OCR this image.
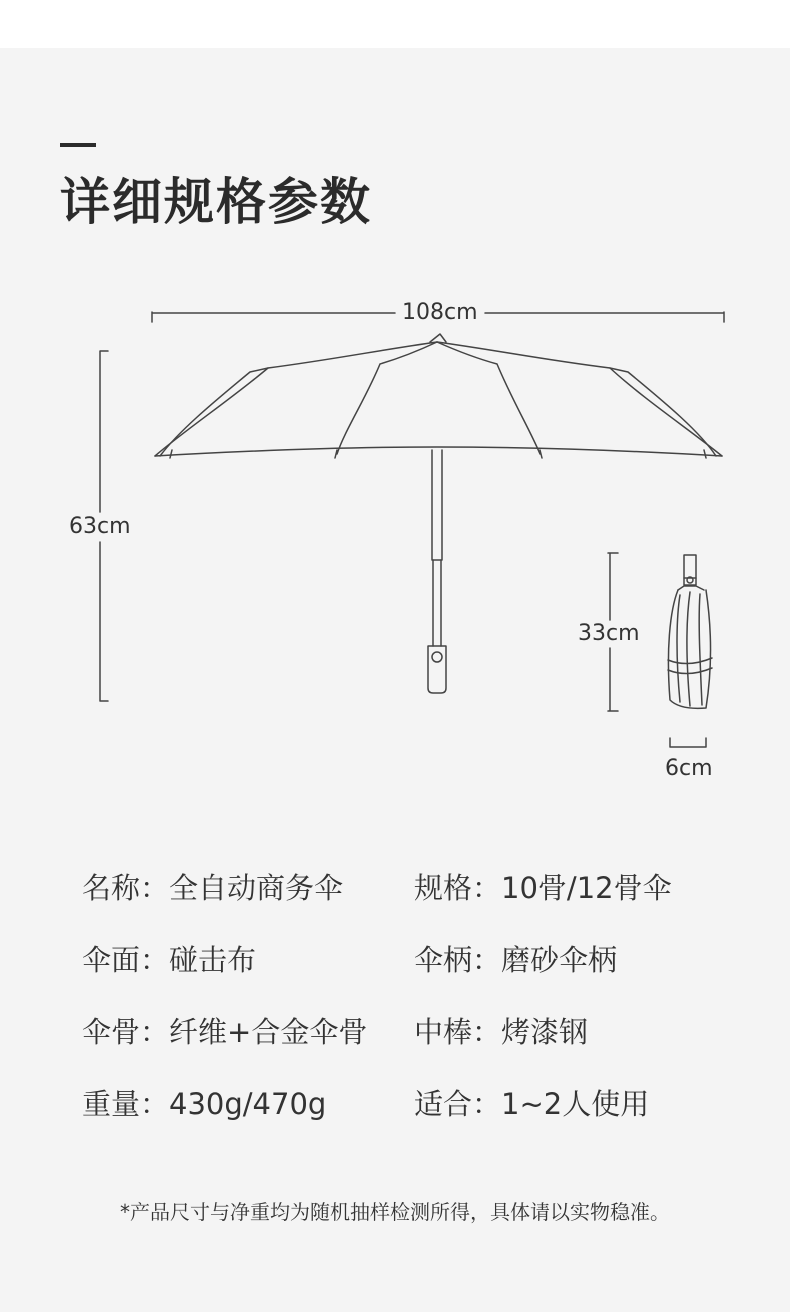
详细规格参数
108cm
63cm
33cm
6cm
名称：全自动商务伞 规格：10骨/12骨伞
伞面：碰击布	伞柄：磨砂伞柄
伞骨：纤维+合金伞骨 中棒：烤漆钢
重量：430g/470g	适合：1~2人使用
*产品尺寸与净重均为随机抽样检测所得，具体请以实物稳准。
